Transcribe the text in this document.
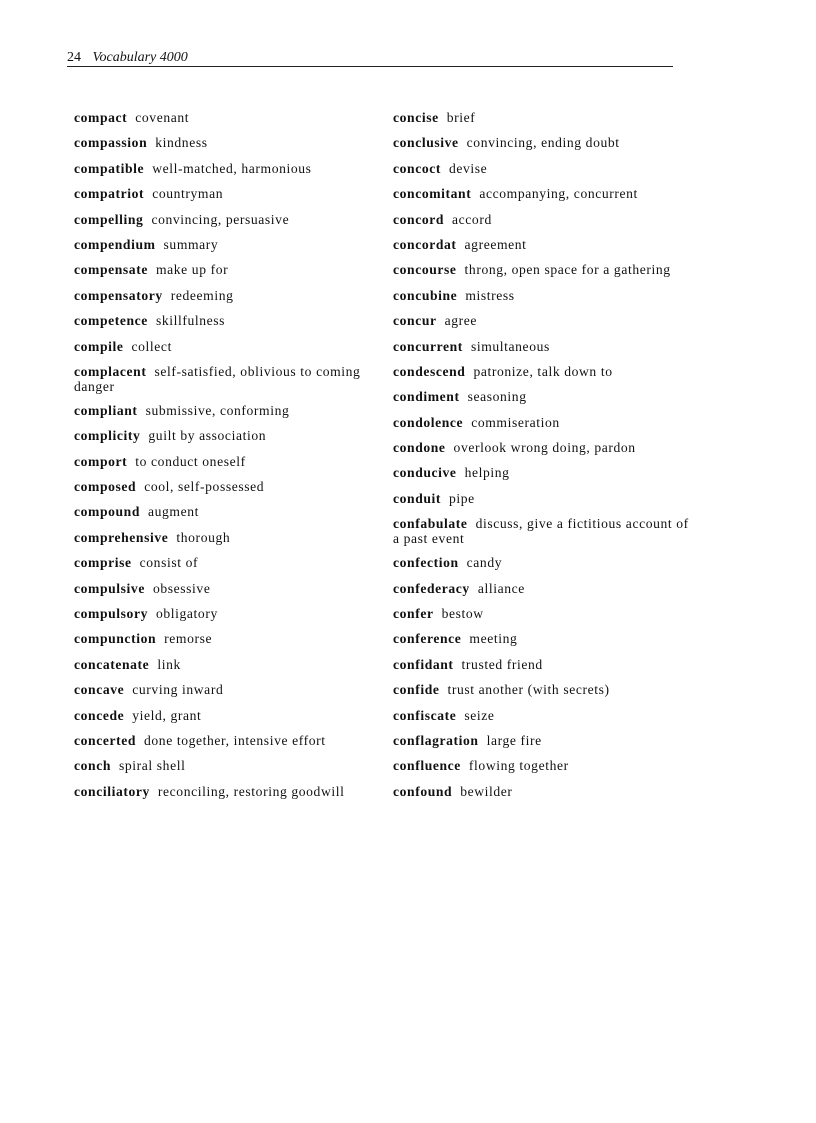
24 Vocabulary 4000
compact covenant
compassion kindness
compatible well-matched, harmonious
compatriot countryman
compelling convincing, persuasive
compendium summary
compensate make up for
compensatory redeeming
competence skillfulness
compile collect
complacent self-satisfied, oblivious to coming danger
compliant submissive, conforming
complicity guilt by association
comport to conduct oneself
composed cool, self-possessed
compound augment
comprehensive thorough
comprise consist of
compulsive obsessive
compulsory obligatory
compunction remorse
concatenate link
concave curving inward
concede yield, grant
concerted done together, intensive effort
conch spiral shell
conciliatory reconciling, restoring goodwill
concise brief
conclusive convincing, ending doubt
concoct devise
concomitant accompanying, concurrent
concord accord
concordat agreement
concourse throng, open space for a gathering
concubine mistress
concur agree
concurrent simultaneous
condescend patronize, talk down to
condiment seasoning
condolence commiseration
condone overlook wrong doing, pardon
conducive helping
conduit pipe
confabulate discuss, give a fictitious account of a past event
confection candy
confederacy alliance
confer bestow
conference meeting
confidant trusted friend
confide trust another (with secrets)
confiscate seize
conflagration large fire
confluence flowing together
confound bewilder
